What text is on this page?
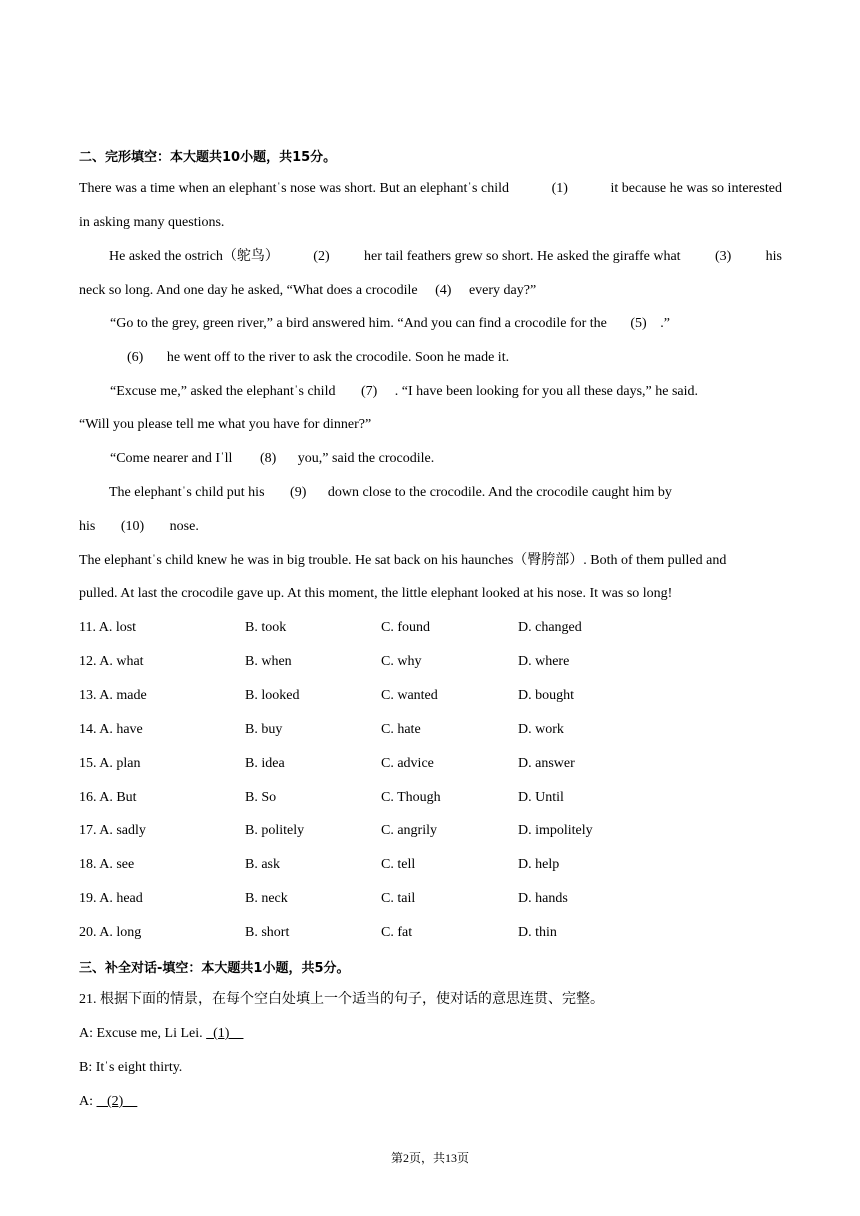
二、完形填空：本大题共10小题，共15分。
There was a time when an elephantˈs nose was short. But an elephantˈs child	(1)	it because he was so interested
in asking many questions.
He asked the ostrich（鸵鸟） (2) her tail feathers grew so short. He asked the giraffe what (3) his
neck so long. And one day he asked, “What does a crocodile (4) every day?”
“Go to the grey, green river,” a bird answered him. “And you can find a crocodile for the (5) .”
(6) he went off to the river to ask the crocodile. Soon he made it.
“Excuse me,” asked the elephantˈs child (7) . “I have been looking for you all these days,” he said.
“Will you please tell me what you have for dinner?”
“Come nearer and Iˈll (8) you,” said the crocodile.
The elephantˈs child put his (9) down close to the crocodile. And the crocodile caught him by
his (10) nose.
The elephantˈs child knew he was in big trouble. He sat back on his haunches（臀胯部）. Both of them pulled and
pulled. At last the crocodile gave up. At this moment, the little elephant looked at his nose. It was so long!
11. A. lost	B. took	C. found	D. changed
12. A. what	B. when	C. why	D. where
13. A. made	B. looked	C. wanted	D. bought
14. A. have	B. buy	C. hate	D. work
15. A. plan	B. idea	C. advice	D. answer
16. A. But	B. So	C. Though	D. Until
17. A. sadly	B. politely	C. angrily	D. impolitely
18. A. see	B. ask	C. tell	D. help
19. A. head	B. neck	C. tail	D. hands
20. A. long	B. short	C. fat	D. thin
三、补全对话-填空：本大题共1小题，共5分。
21. 根据下面的情景，在每个空白处填上一个适当的句子，使对话的意思连贯、完整。
A: Excuse me, Li Lei.   (1)
B: Itˈs eight thirty.
A:    (2)
第2页，共13页
